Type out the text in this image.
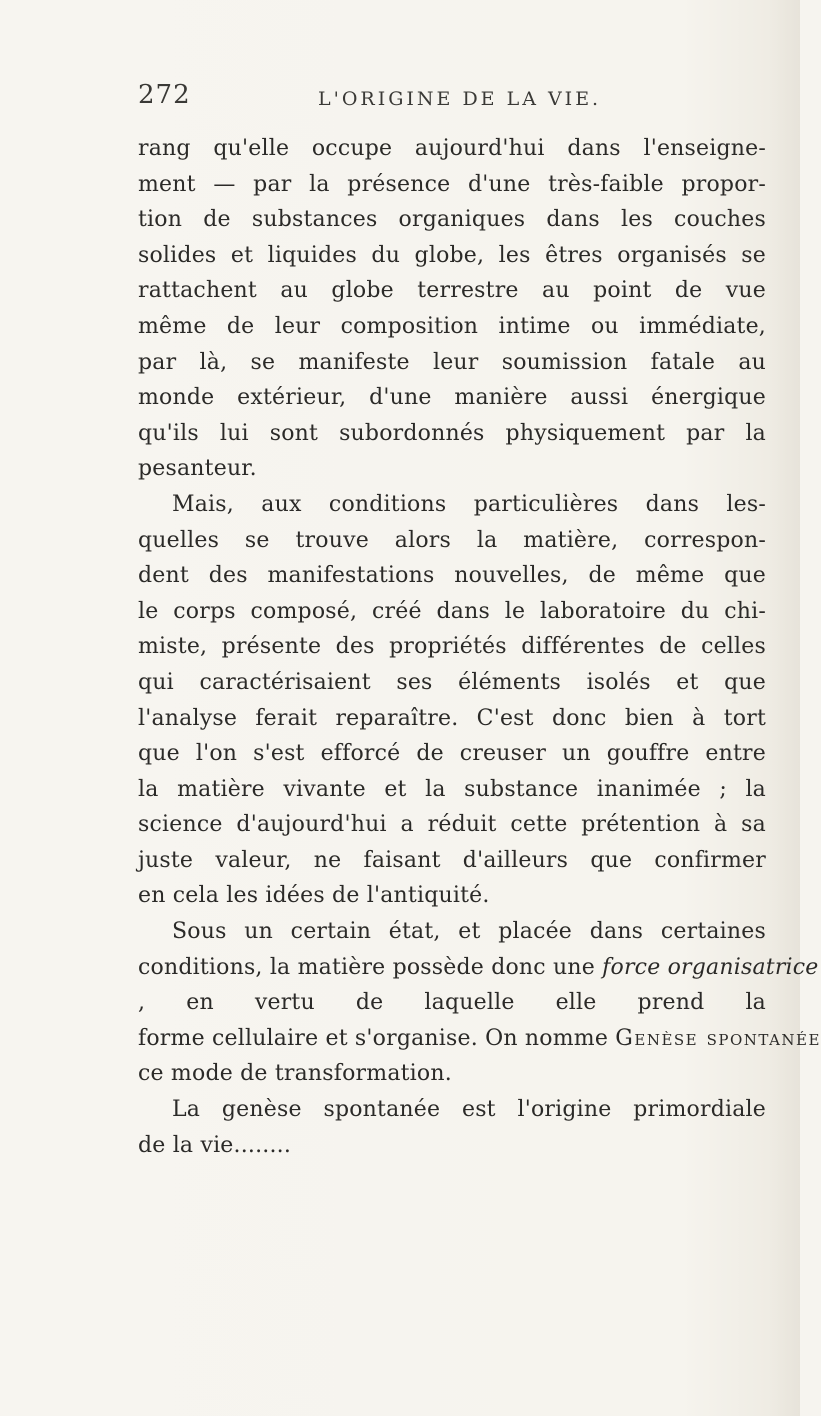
272	L'ORIGINE DE LA VIE.
rang qu'elle occupe aujourd'hui dans l'enseigne-
ment — par la présence d'une très-faible propor-
tion de substances organiques dans les couches
solides et liquides du globe, les êtres organisés se
rattachent au globe terrestre au point de vue
même de leur composition intime ou immédiate,
par là, se manifeste leur soumission fatale au
monde extérieur, d'une manière aussi énergique
qu'ils lui sont subordonnés physiquement par la
pesanteur.
Mais, aux conditions particulières dans les-
quelles se trouve alors la matière, correspon-
dent des manifestations nouvelles, de même que
le corps composé, créé dans le laboratoire du chi-
miste, présente des propriétés différentes de celles
qui caractérisaient ses éléments isolés et que
l'analyse ferait reparaître. C'est donc bien à tort
que l'on s'est efforcé de creuser un gouffre entre
la matière vivante et la substance inanimée ; la
science d'aujourd'hui a réduit cette prétention à sa
juste valeur, ne faisant d'ailleurs que confirmer
en cela les idées de l'antiquité.
Sous un certain état, et placée dans certaines
conditions, la matière possède donc une force organisatrice
, en vertu de laquelle elle prend la
forme cellulaire et s'organise. On nomme Genèse spontanée
ce mode de transformation.
La genèse spontanée est l'origine primordiale
de la vie........
